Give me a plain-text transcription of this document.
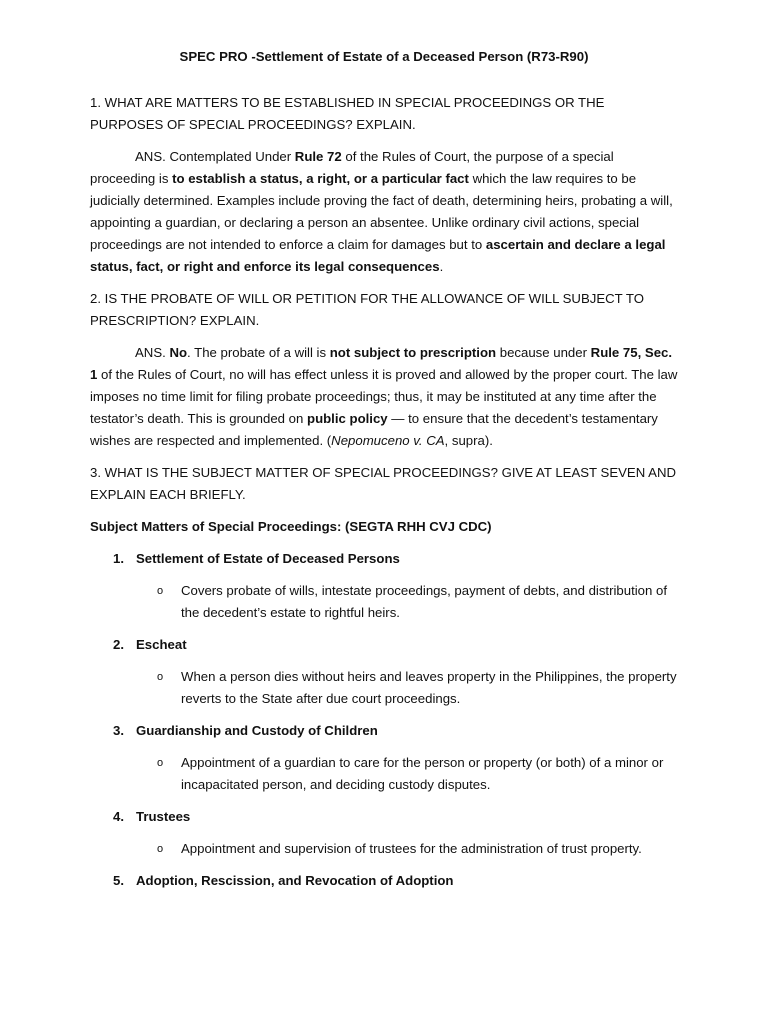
SPEC PRO -Settlement of Estate of a Deceased Person (R73-R90)
1. WHAT ARE MATTERS TO BE ESTABLISHED IN SPECIAL PROCEEDINGS OR THE PURPOSES OF SPECIAL PROCEEDINGS? EXPLAIN.
ANS. Contemplated Under Rule 72 of the Rules of Court, the purpose of a special proceeding is to establish a status, a right, or a particular fact which the law requires to be judicially determined. Examples include proving the fact of death, determining heirs, probating a will, appointing a guardian, or declaring a person an absentee. Unlike ordinary civil actions, special proceedings are not intended to enforce a claim for damages but to ascertain and declare a legal status, fact, or right and enforce its legal consequences.
2. IS THE PROBATE OF WILL OR PETITION FOR THE ALLOWANCE OF WILL SUBJECT TO PRESCRIPTION? EXPLAIN.
ANS. No. The probate of a will is not subject to prescription because under Rule 75, Sec. 1 of the Rules of Court, no will has effect unless it is proved and allowed by the proper court. The law imposes no time limit for filing probate proceedings; thus, it may be instituted at any time after the testator’s death. This is grounded on public policy — to ensure that the decedent’s testamentary wishes are respected and implemented. (Nepomuceno v. CA, supra).
3. WHAT IS THE SUBJECT MATTER OF SPECIAL PROCEEDINGS? GIVE AT LEAST SEVEN AND EXPLAIN EACH BRIEFLY.
Subject Matters of Special Proceedings: (SEGTA RHH CVJ CDC)
1. Settlement of Estate of Deceased Persons
o Covers probate of wills, intestate proceedings, payment of debts, and distribution of the decedent’s estate to rightful heirs.
2. Escheat
o When a person dies without heirs and leaves property in the Philippines, the property reverts to the State after due court proceedings.
3. Guardianship and Custody of Children
o Appointment of a guardian to care for the person or property (or both) of a minor or incapacitated person, and deciding custody disputes.
4. Trustees
o Appointment and supervision of trustees for the administration of trust property.
5. Adoption, Rescission, and Revocation of Adoption
